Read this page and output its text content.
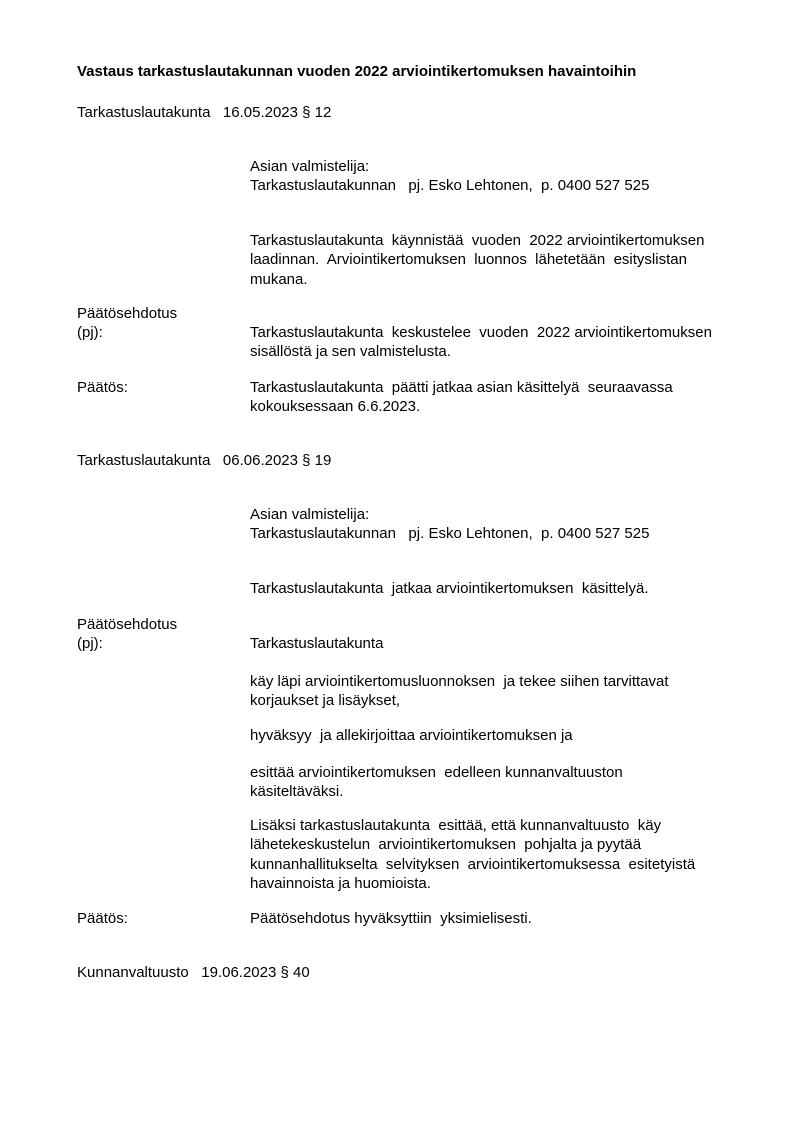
Vastaus tarkastuslautakunnan vuoden 2022 arviointikertomuksen havaintoihin
Tarkastuslautakunta   16.05.2023 § 12
Asian valmistelija:
Tarkastuslautakunnan   pj. Esko Lehtonen,  p. 0400 527 525
Tarkastuslautakunta  käynnistää  vuoden  2022 arviointikertomuksen
laadinnan.  Arviointikertomuksen  luonnos  lähetetään  esityslistan
mukana.
Päätösehdotus
(pj):	Tarkastuslautakunta  keskustelee  vuoden  2022 arviointikertomuksen
sisällöstä ja sen valmistelusta.
Päätös:	Tarkastuslautakunta  päätti jatkaa asian käsittelyä  seuraavassa
kokouksessaan 6.6.2023.
Tarkastuslautakunta   06.06.2023 § 19
Asian valmistelija:
Tarkastuslautakunnan   pj. Esko Lehtonen,  p. 0400 527 525
Tarkastuslautakunta  jatkaa arviointikertomuksen  käsittelyä.
Päätösehdotus
(pj):	Tarkastuslautakunta
käy läpi arviointikertomusluonnoksen  ja tekee siihen tarvittavat
korjaukset ja lisäykset,
hyväksyy  ja allekirjoittaa arviointikertomuksen ja
esittää arviointikertomuksen  edelleen kunnanvaltuuston
käsiteltäväksi.
Lisäksi tarkastuslautakunta  esittää, että kunnanvaltuusto  käy
lähetekeskustelun  arviointikertomuksen  pohjalta ja pyytää
kunnanhallitukselta  selvityksen  arviointikertomuksessa  esitetyistä
havainnoista ja huomioista.
Päätös:	Päätösehdotus hyväksyttiin  yksimielisesti.
Kunnanvaltuusto   19.06.2023 § 40
